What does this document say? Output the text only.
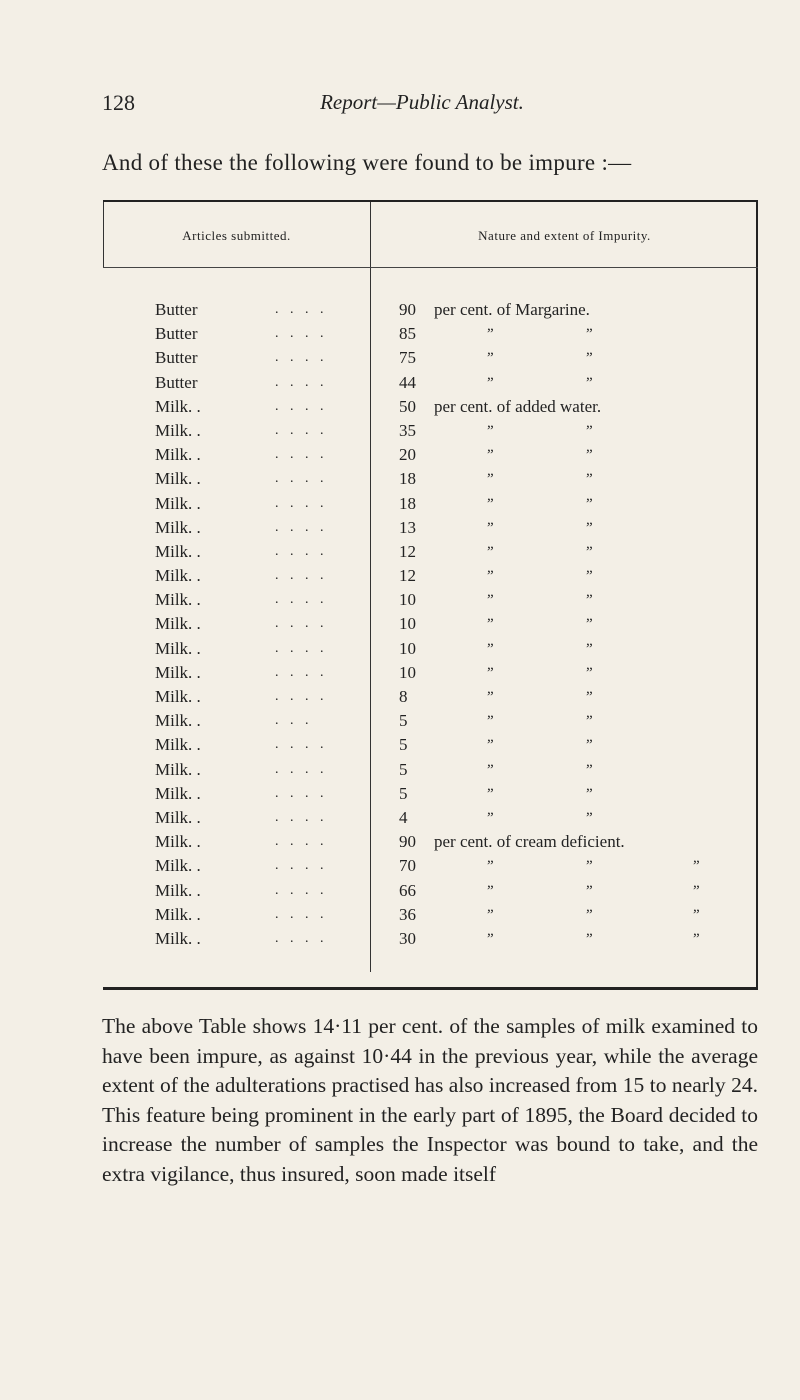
128	Report—Public Analyst.
And of these the following were found to be impure :—
Articles submitted.	Nature and extent of Impurity.
Butter	. . . .	90	per cent. of Margarine.
Butter	. . . .	85	”	”
Butter	. . . .	75	”	”
Butter	. . . .	44	”	”
Milk. .	. . . .	50	per cent. of added water.
Milk. .	. . . .	35	”	”
Milk. .	. . . .	20	”	”
Milk. .	. . . .	18	”	”
Milk. .	. . . .	18	”	”
Milk. .	. . . .	13	”	”
Milk. .	. . . .	12	”	”
Milk. .	. . . .	12	”	”
Milk. .	. . . .	10	”	”
Milk. .	. . . .	10	”	”
Milk. .	. . . .	10	”	”
Milk. .	. . . .	10	”	”
Milk. .	. . . .	8	”	”
Milk. .	. . .	5	”	”
Milk. .	. . . .	5	”	”
Milk. .	. . . .	5	”	”
Milk. .	. . . .	5	”	”
Milk. .	. . . .	4	”	”
Milk. .	. . . .	90	per cent. of cream deficient.
Milk. .	. . . .	70	”	”	”
Milk. .	. . . .	66	”	”	”
Milk. .	. . . .	36	”	”	”
Milk. .	. . . .	30	”	”	”
The above Table shows 14·11 per cent. of the samples of milk examined to have been impure, as against 10·44 in the previous year, while the average extent of the adulterations practised has also increased from 15 to nearly 24. This feature being prominent in the early part of 1895, the Board decided to increase the number of samples the Inspector was bound to take, and the extra vigilance, thus insured, soon made itself
